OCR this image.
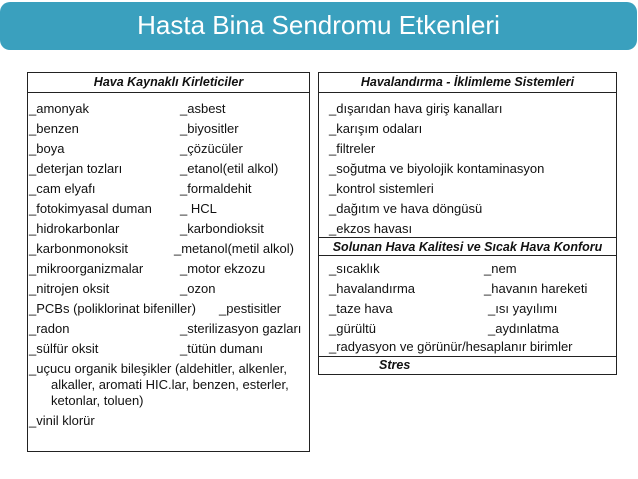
Hasta Bina Sendromu Etkenleri
Hava Kaynaklı Kirleticiler
_amonyak	_asbest
_benzen	_biyositler
_boya	_çözücüler
_deterjan tozları	_etanol(etil alkol)
_cam elyafı	_formaldehit
_fotokimyasal duman _ HCL
_hidrokarbonlar	_karbondioksit
_karbonmonoksit	_metanol(metil alkol)
_mikroorganizmalar	_motor ekzozu
_nitrojen oksit	_ozon
_PCBs (poliklorinat bifeniller) _pestisitler
_radon	_sterilizasyon gazları
_sülfür oksit	_tütün dumanı
_uçucu organik bileşikler (aldehitler, alkenler,
alkaller, aromati HIC.lar, benzen, esterler,
ketonlar, toluen)
_vinil klorür
Havalandırma - İklimleme Sistemleri
_dışarıdan hava giriş kanalları
_karışım odaları
_filtreler
_soğutma ve biyolojik kontaminasyon
_kontrol sistemleri
_dağıtım ve hava döngüsü
_ekzos havası
Solunan Hava Kalitesi ve Sıcak Hava Konforu
_sıcaklık	_nem
_havalandırma	_havanın hareketi
_taze hava	_ısı yayılımı
_gürültü	_aydınlatma
_radyasyon ve görünür/hesaplanır birimler
Stres
